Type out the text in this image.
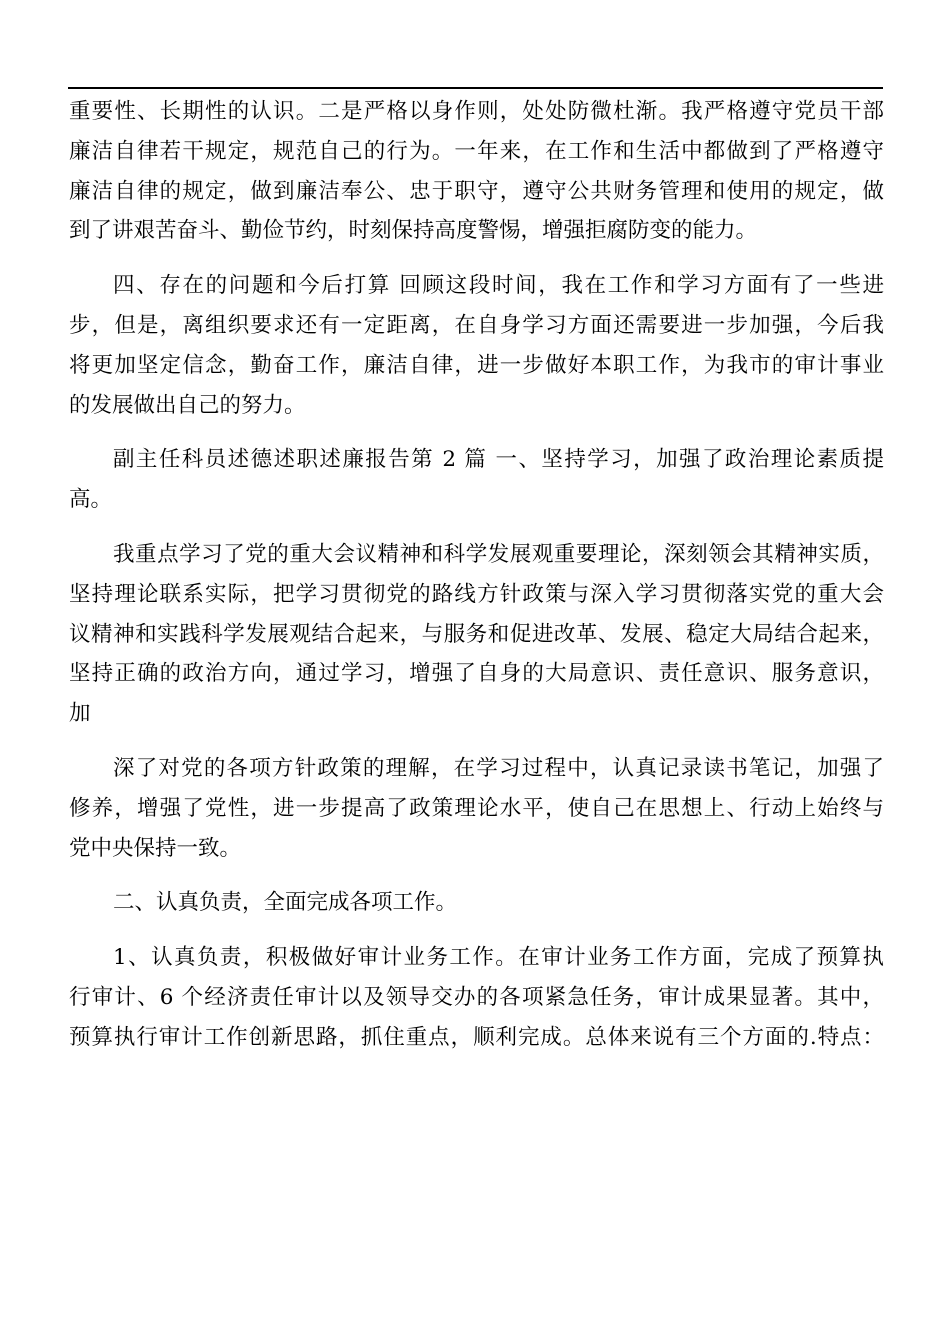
重要性、长期性的认识。二是严格以身作则，处处防微杜渐。我严格遵守党员干部
廉洁自律若干规定，规范自己的行为。一年来，在工作和生活中都做到了严格遵守
廉洁自律的规定，做到廉洁奉公、忠于职守，遵守公共财务管理和使用的规定，做
到了讲艰苦奋斗、勤俭节约，时刻保持高度警惕，增强拒腐防变的能力。
四、存在的问题和今后打算 回顾这段时间，我在工作和学习方面有了一些进
步，但是，离组织要求还有一定距离，在自身学习方面还需要进一步加强，今后我
将更加坚定信念，勤奋工作，廉洁自律，进一步做好本职工作，为我市的审计事业
的发展做出自己的努力。
副主任科员述德述职述廉报告第 2 篇 一、坚持学习，加强了政治理论素质提
高。
我重点学习了党的重大会议精神和科学发展观重要理论，深刻领会其精神实质，
坚持理论联系实际，把学习贯彻党的路线方针政策与深入学习贯彻落实党的重大会
议精神和实践科学发展观结合起来，与服务和促进改革、发展、稳定大局结合起来，
坚持正确的政治方向，通过学习，增强了自身的大局意识、责任意识、服务意识，
加
深了对党的各项方针政策的理解，在学习过程中，认真记录读书笔记，加强了
修养，增强了党性，进一步提高了政策理论水平，使自己在思想上、行动上始终与
党中央保持一致。
二、认真负责，全面完成各项工作。
1、认真负责，积极做好审计业务工作。在审计业务工作方面，完成了预算执
行审计、6 个经济责任审计以及领导交办的各项紧急任务，审计成果显著。其中，
预算执行审计工作创新思路，抓住重点，顺利完成。总体来说有三个方面的.特点：
